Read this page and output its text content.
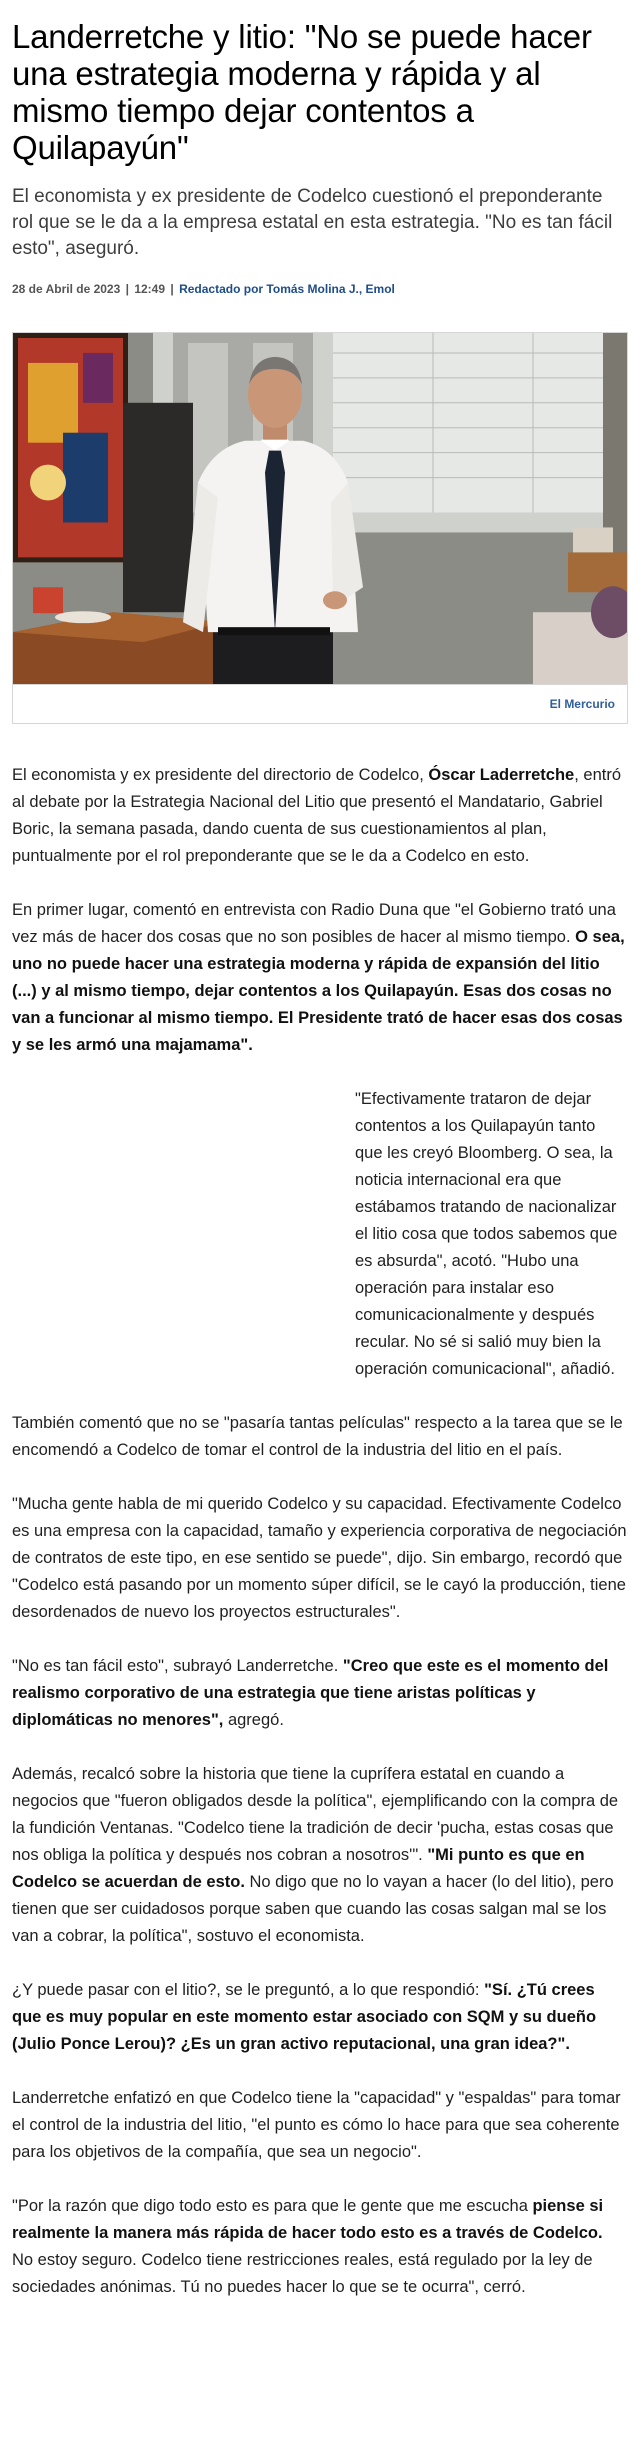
Landerretche y litio: "No se puede hacer una estrategia moderna y rápida y al mismo tiempo dejar contentos a Quilapayún"

El economista y ex presidente de Codelco cuestionó el preponderante rol que se le da a la empresa estatal en esta estrategia. "No es tan fácil esto", aseguró.

28 de Abril de 2023 | 12:49 | Redactado por Tomás Molina J., Emol
El Mercurio

El economista y ex presidente del directorio de Codelco, Óscar Laderretche, entró al debate por la Estrategia Nacional del Litio que presentó el Mandatario, Gabriel Boric, la semana pasada, dando cuenta de sus cuestionamientos al plan, puntualmente por el rol preponderante que se le da a Codelco en esto.

En primer lugar, comentó en entrevista con Radio Duna que "el Gobierno trató una vez más de hacer dos cosas que no son posibles de hacer al mismo tiempo. O sea, uno no puede hacer una estrategia moderna y rápida de expansión del litio (...) y al mismo tiempo, dejar contentos a los Quilapayún. Esas dos cosas no van a funcionar al mismo tiempo. El Presidente trató de hacer esas dos cosas y se les armó una majamama".

"Efectivamente trataron de dejar contentos a los Quilapayún tanto que les creyó Bloomberg. O sea, la noticia internacional era que estábamos tratando de nacionalizar el litio cosa que todos sabemos que es absurda", acotó. "Hubo una operación para instalar eso comunicacionalmente y después recular. No sé si salió muy bien la operación comunicacional", añadió.

También comentó que no se "pasaría tantas películas" respecto a la tarea que se le encomendó a Codelco de tomar el control de la industria del litio en el país.

"Mucha gente habla de mi querido Codelco y su capacidad. Efectivamente Codelco es una empresa con la capacidad, tamaño y experiencia corporativa de negociación de contratos de este tipo, en ese sentido se puede", dijo. Sin embargo, recordó que "Codelco está pasando por un momento súper difícil, se le cayó la producción, tiene desordenados de nuevo los proyectos estructurales".

"No es tan fácil esto", subrayó Landerretche. "Creo que este es el momento del realismo corporativo de una estrategia que tiene aristas políticas y diplomáticas no menores", agregó.

Además, recalcó sobre la historia que tiene la cuprífera estatal en cuando a negocios que "fueron obligados desde la política", ejemplificando con la compra de la fundición Ventanas. "Codelco tiene la tradición de decir 'pucha, estas cosas que nos obliga la política y después nos cobran a nosotros'". "Mi punto es que en Codelco se acuerdan de esto. No digo que no lo vayan a hacer (lo del litio), pero tienen que ser cuidadosos porque saben que cuando las cosas salgan mal se los van a cobrar, la política", sostuvo el economista.

¿Y puede pasar con el litio?, se le preguntó, a lo que respondió: "Sí. ¿Tú crees que es muy popular en este momento estar asociado con SQM y su dueño (Julio Ponce Lerou)? ¿Es un gran activo reputacional, una gran idea?".

Landerretche enfatizó en que Codelco tiene la "capacidad" y "espaldas" para tomar el control de la industria del litio, "el punto es cómo lo hace para que sea coherente para los objetivos de la compañía, que sea un negocio".

"Por la razón que digo todo esto es para que le gente que me escucha piense si realmente la manera más rápida de hacer todo esto es a través de Codelco. No estoy seguro. Codelco tiene restricciones reales, está regulado por la ley de sociedades anónimas. Tú no puedes hacer lo que se te ocurra", cerró.
